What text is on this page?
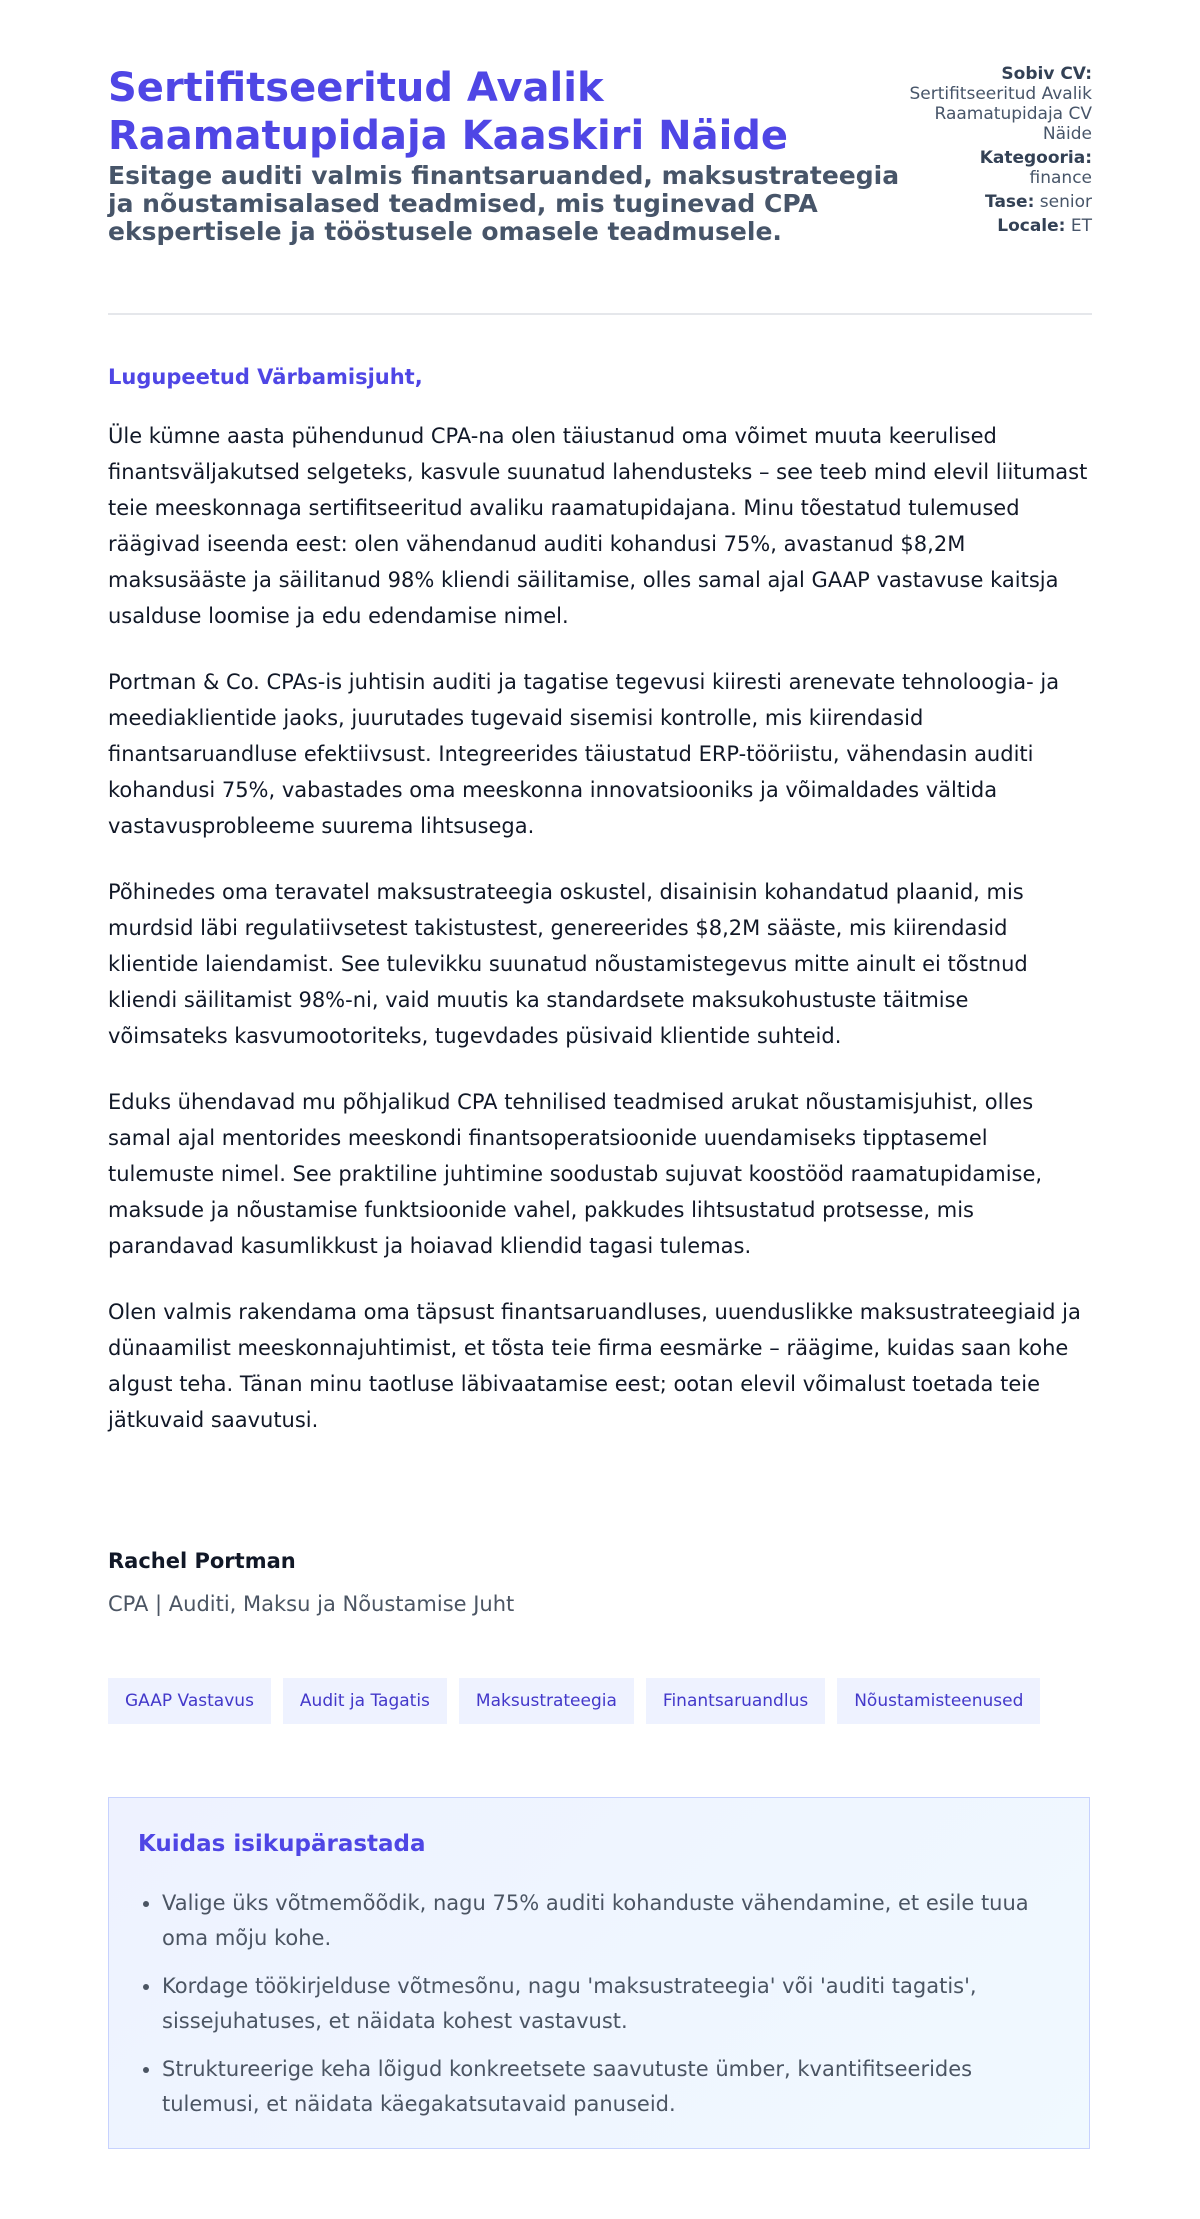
Sertifitseeritud Avalik Raamatupidaja Kaaskiri Näide
Esitage auditi valmis finantsaruanded, maksustrateegia ja nõustamisalased teadmised, mis tuginevad CPA ekspertisele ja tööstusele omasele teadmusele.
Sobiv CV:
Sertifitseeritud Avalik Raamatupidaja CV Näide
Kategooria:
finance
Tase: senior
Locale: ET

Lugupeetud Värbamisjuht,

Üle kümne aasta pühendunud CPA-na olen täiustanud oma võimet muuta keerulised finantsväljakutsed selgeteks, kasvule suunatud lahendusteks – see teeb mind elevil liitumast teie meeskonnaga sertifitseeritud avaliku raamatupidajana. Minu tõestatud tulemused räägivad iseenda eest: olen vähendanud auditi kohandusi 75%, avastanud $8,2M maksusääste ja säilitanud 98% kliendi säilitamise, olles samal ajal GAAP vastavuse kaitsja usalduse loomise ja edu edendamise nimel.

Portman & Co. CPAs-is juhtisin auditi ja tagatise tegevusi kiiresti arenevate tehnoloogia- ja meediaklientide jaoks, juurutades tugevaid sisemisi kontrolle, mis kiirendasid finantsaruandluse efektiivsust. Integreerides täiustatud ERP-tööriistu, vähendasin auditi kohandusi 75%, vabastades oma meeskonna innovatsiooniks ja võimaldades vältida vastavusprobleeme suurema lihtsusega.

Põhinedes oma teravatel maksustrateegia oskustel, disainisin kohandatud plaanid, mis murdsid läbi regulatiivsetest takistustest, genereerides $8,2M sääste, mis kiirendasid klientide laiendamist. See tulevikku suunatud nõustamistegevus mitte ainult ei tõstnud kliendi säilitamist 98%-ni, vaid muutis ka standardsete maksukohustuste täitmise võimsateks kasvumootoriteks, tugevdades püsivaid klientide suhteid.

Eduks ühendavad mu põhjalikud CPA tehnilised teadmised arukat nõustamisjuhist, olles samal ajal mentorides meeskondi finantsoperatsioonide uuendamiseks tipptasemel tulemuste nimel. See praktiline juhtimine soodustab sujuvat koostööd raamatupidamise, maksude ja nõustamise funktsioonide vahel, pakkudes lihtsustatud protsesse, mis parandavad kasumlikkust ja hoiavad kliendid tagasi tulemas.

Olen valmis rakendama oma täpsust finantsaruandluses, uuenduslikke maksustrateegiaid ja dünaamilist meeskonnajuhtimist, et tõsta teie firma eesmärke – räägime, kuidas saan kohe algust teha. Tänan minu taotluse läbivaatamise eest; ootan elevil võimalust toetada teie jätkuvaid saavutusi.

Rachel Portman

CPA | Auditi, Maksu ja Nõustamise Juht

GAAP Vastavus	Audit ja Tagatis	Maksustrateegia	Finantsaruandlus	Nõustamisteenused
Kuidas isikupärastada
• Valige üks võtmemõõdik, nagu 75% auditi kohanduste vähendamine, et esile tuua oma mõju kohe.
• Kordage töökirjelduse võtmesõnu, nagu 'maksustrateegia' või 'auditi tagatis', sissejuhatuses, et näidata kohest vastavust.
• Struktureerige keha lõigud konkreetsete saavutuste ümber, kvantifitseerides tulemusi, et näidata käegakatsutavaid panuseid.
